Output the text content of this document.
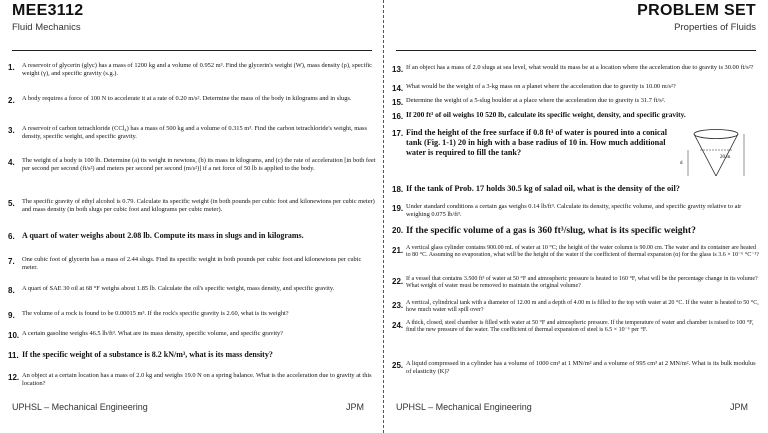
MEE3112
Fluid Mechanics
1.	A reservoir of glycerin (glyc) has a mass of 1200 kg and a volume of 0.952 m³. Find the glycerin's weight (W), mass density (ρ), specific weight (γ), and specific gravity (s.g.).
2.	A body requires a force of 100 N to accelerate it at a rate of 0.20 m/s². Determine the mass of the body in kilograms and in slugs.
3.	A reservoir of carbon tetrachloride (CCl₄) has a mass of 500 kg and a volume of 0.315 m³. Find the carbon tetrachloride's weight, mass density, specific weight, and specific gravity.
4.	The weight of a body is 100 lb. Determine (a) its weight in newtons, (b) its mass in kilograms, and (c) the rate of acceleration [in both feet per second per second (ft/s²) and meters per second per second (m/s²)] if a net force of 50 lb is applied to the body.
5.	The specific gravity of ethyl alcohol is 0.79. Calculate its specific weight (in both pounds per cubic foot and kilonewtons per cubic meter) and mass density (in both slugs per cubic foot and kilograms per cubic meter).
6. A quart of water weighs about 2.08 lb. Compute its mass in slugs and in kilograms.
7.	One cubic foot of glycerin has a mass of 2.44 slugs. Find its specific weight in both pounds per cubic foot and kilonewtons per cubic meter.
8.	A quart of SAE 30 oil at 68 °F weighs about 1.85 lb. Calculate the oil's specific weight, mass density, and specific gravity.
9.	The volume of a rock is found to be 0.00015 m³. If the rock's specific gravity is 2.60, what is its weight?
10. A certain gasoline weighs 46.5 lb/ft³. What are its mass density, specific volume, and specific gravity?
11. If the specific weight of a substance is 8.2 kN/m³, what is its mass density?
12. An object at a certain location has a mass of 2.0 kg and weighs 19.0 N on a spring balance. What is the acceleration due to gravity at this location?
UPHSL – Mechanical Engineering	JPM
PROBLEM SET
Properties of Fluids
13. If an object has a mass of 2.0 slugs at sea level, what would its mass be at a location where the acceleration due to gravity is 30.00 ft/s²?
14. What would be the weight of a 3-kg mass on a planet where the acceleration due to gravity is 10.00 m/s²?
15. Determine the weight of a 5-slug boulder at a place where the acceleration due to gravity is 31.7 ft/s².
16. If 200 ft³ of oil weighs 10 520 lb, calculate its specific weight, density, and specific gravity.
17. Find the height of the free surface if 0.8 ft³ of water is poured into a conical tank (Fig. 1-1) 20 in high with a base radius of 10 in. How much additional water is required to fill the tank?
d
20 in
18. If the tank of Prob. 17 holds 30.5 kg of salad oil, what is the density of the oil?
19. Under standard conditions a certain gas weighs 0.14 lb/ft³. Calculate its density, specific volume, and specific gravity relative to air weighing 0.075 lb/ft³.
20. If the specific volume of a gas is 360 ft³/slug, what is its specific weight?
21. A vertical glass cylinder contains 900.00 mL of water at 10 °C; the height of the water column is 90.00 cm. The water and its container are heated to 80 °C. Assuming no evaporation, what will be the height of the water if the coefficient of thermal expansion (α) for the glass is 3.6 × 10⁻⁶ °C⁻¹?
22. If a vessel that contains 3.500 ft³ of water at 50 °F and atmospheric pressure is heated to 160 °F, what will be the percentage change in its volume? What weight of water must be removed to maintain the original volume?
23. A vertical, cylindrical tank with a diameter of 12.00 m and a depth of 4.00 m is filled to the top with water at 20 °C. If the water is heated to 50 °C, how much water will spill over?
24. A thick, closed, steel chamber is filled with water at 50 °F and atmospheric pressure. If the temperature of water and chamber is raised to 100 °F, find the new pressure of the water. The coefficient of thermal expansion of steel is 6.5 × 10⁻⁶ per °F.
25. A liquid compressed in a cylinder has a volume of 1000 cm³ at 1 MN/m² and a volume of 995 cm³ at 2 MN/m². What is its bulk modulus of elasticity (K)?
UPHSL – Mechanical Engineering	JPM
